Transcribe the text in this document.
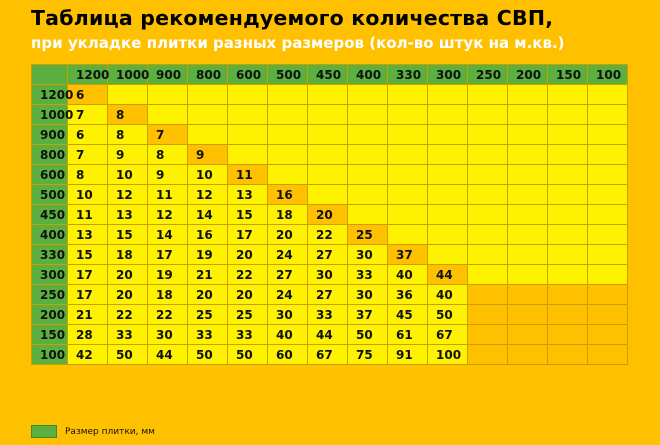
Таблица рекомендуемого количества СВП,
при укладке плитки разных размеров (кол-во штук на м.кв.)
	1200	1000	900	800	600	500	450	400	330	300	250	200	150	100
1200	6													
1000	7	8												
900	6	8	7											
800	7	9	8	9										
600	8	10	9	10	11									
500	10	12	11	12	13	16								
450	11	13	12	14	15	18	20							
400	13	15	14	16	17	20	22	25						
330	15	18	17	19	20	24	27	30	37					
300	17	20	19	21	22	27	30	33	40	44				
250	17	20	18	20	20	24	27	30	36	40				
200	21	22	22	25	25	30	33	37	45	50				
150	28	33	30	33	33	40	44	50	61	67				
100	42	50	44	50	50	60	67	75	91	100				
Размер плитки, мм
